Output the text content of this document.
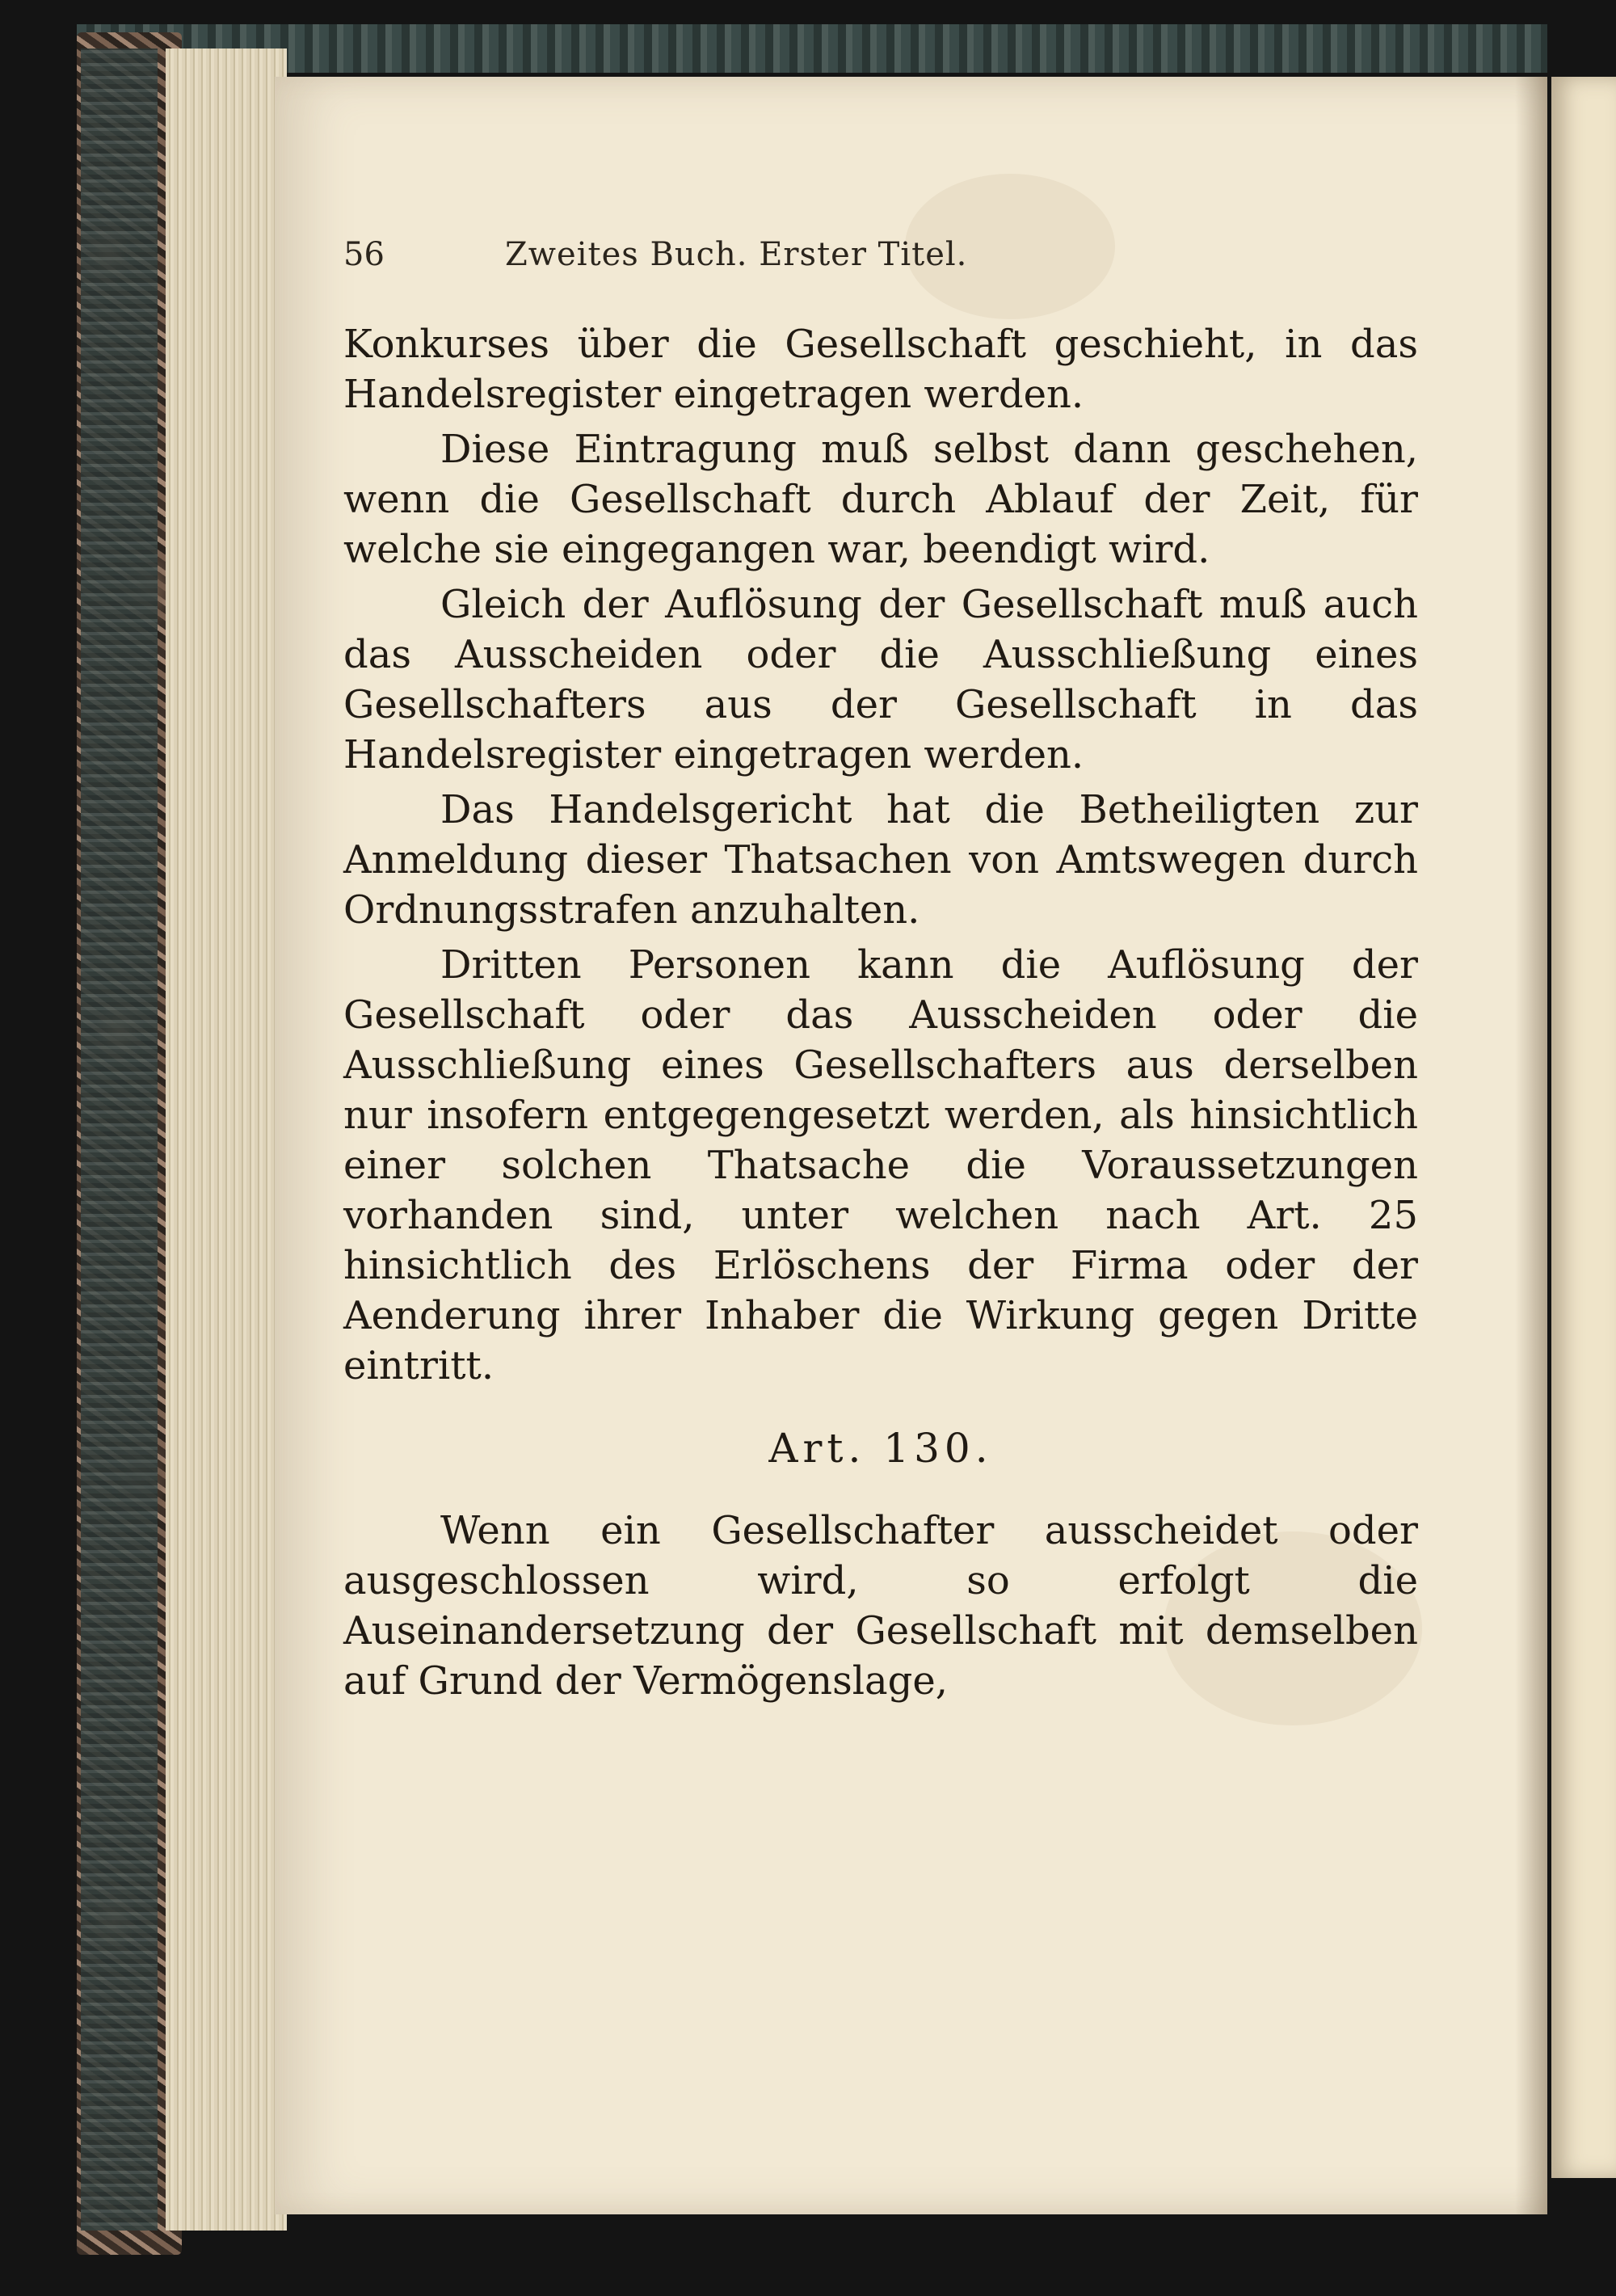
56	Zweites Buch. Erster Titel.

Konkurses über die Gesellschaft geschieht, in das Handelsregister eingetragen werden.

Diese Eintragung muß selbst dann geschehen, wenn die Gesellschaft durch Ablauf der Zeit, für welche sie eingegangen war, beendigt wird.

Gleich der Auflösung der Gesellschaft muß auch das Ausscheiden oder die Ausschließung eines Gesellschafters aus der Gesellschaft in das Handelsregister eingetragen werden.

Das Handelsgericht hat die Betheiligten zur Anmeldung dieser Thatsachen von Amtswegen durch Ordnungsstrafen anzuhalten.

Dritten Personen kann die Auflösung der Gesellschaft oder das Ausscheiden oder die Ausschließung eines Gesellschafters aus derselben nur insofern entgegengesetzt werden, als hinsichtlich einer solchen Thatsache die Voraussetzungen vorhanden sind, unter welchen nach Art. 25 hinsichtlich des Erlöschens der Firma oder der Aenderung ihrer Inhaber die Wirkung gegen Dritte eintritt.

Art. 130.

Wenn ein Gesellschafter ausscheidet oder ausgeschlossen wird, so erfolgt die Auseinandersetzung der Gesellschaft mit demselben auf Grund der Vermögenslage,
